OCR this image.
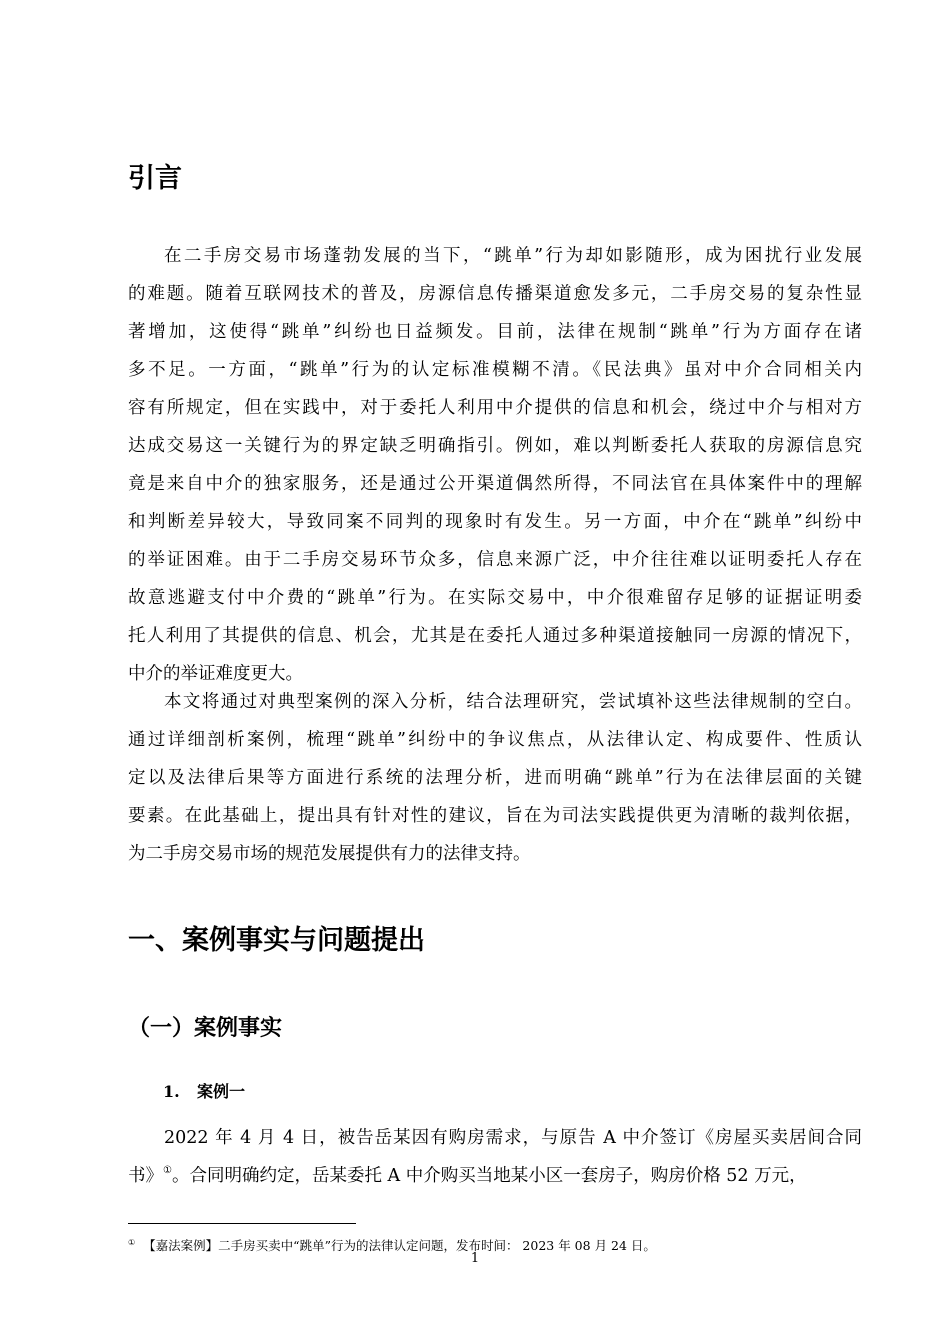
引言
在二手房交易市场蓬勃发展的当下，“跳单”行为却如影随形，成为困扰行业发展
的难题。随着互联网技术的普及，房源信息传播渠道愈发多元，二手房交易的复杂性显
著增加，这使得“跳单”纠纷也日益频发。目前，法律在规制“跳单”行为方面存在诸
多不足。一方面，“跳单”行为的认定标准模糊不清。《民法典》虽对中介合同相关内
容有所规定，但在实践中，对于委托人利用中介提供的信息和机会，绕过中介与相对方
达成交易这一关键行为的界定缺乏明确指引。例如，难以判断委托人获取的房源信息究
竟是来自中介的独家服务，还是通过公开渠道偶然所得，不同法官在具体案件中的理解
和判断差异较大，导致同案不同判的现象时有发生。另一方面，中介在“跳单”纠纷中
的举证困难。由于二手房交易环节众多，信息来源广泛，中介往往难以证明委托人存在
故意逃避支付中介费的“跳单”行为。在实际交易中，中介很难留存足够的证据证明委
托人利用了其提供的信息、机会，尤其是在委托人通过多种渠道接触同一房源的情况下，
中介的举证难度更大。
本文将通过对典型案例的深入分析，结合法理研究，尝试填补这些法律规制的空白。
通过详细剖析案例，梳理“跳单”纠纷中的争议焦点，从法律认定、构成要件、性质认
定以及法律后果等方面进行系统的法理分析，进而明确“跳单”行为在法律层面的关键
要素。在此基础上，提出具有针对性的建议，旨在为司法实践提供更为清晰的裁判依据，
为二手房交易市场的规范发展提供有力的法律支持。
一、案例事实与问题提出
（一）案例事实
1. 案例一
2022 年 4 月 4 日，被告岳某因有购房需求，与原告 A 中介签订《房屋买卖居间合同
书》①。合同明确约定，岳某委托 A 中介购买当地某小区一套房子，购房价格 52 万元，
① 【嘉法案例】二手房买卖中“跳单”行为的法律认定问题，发布时间： 2023 年 08 月 24 日。
1
